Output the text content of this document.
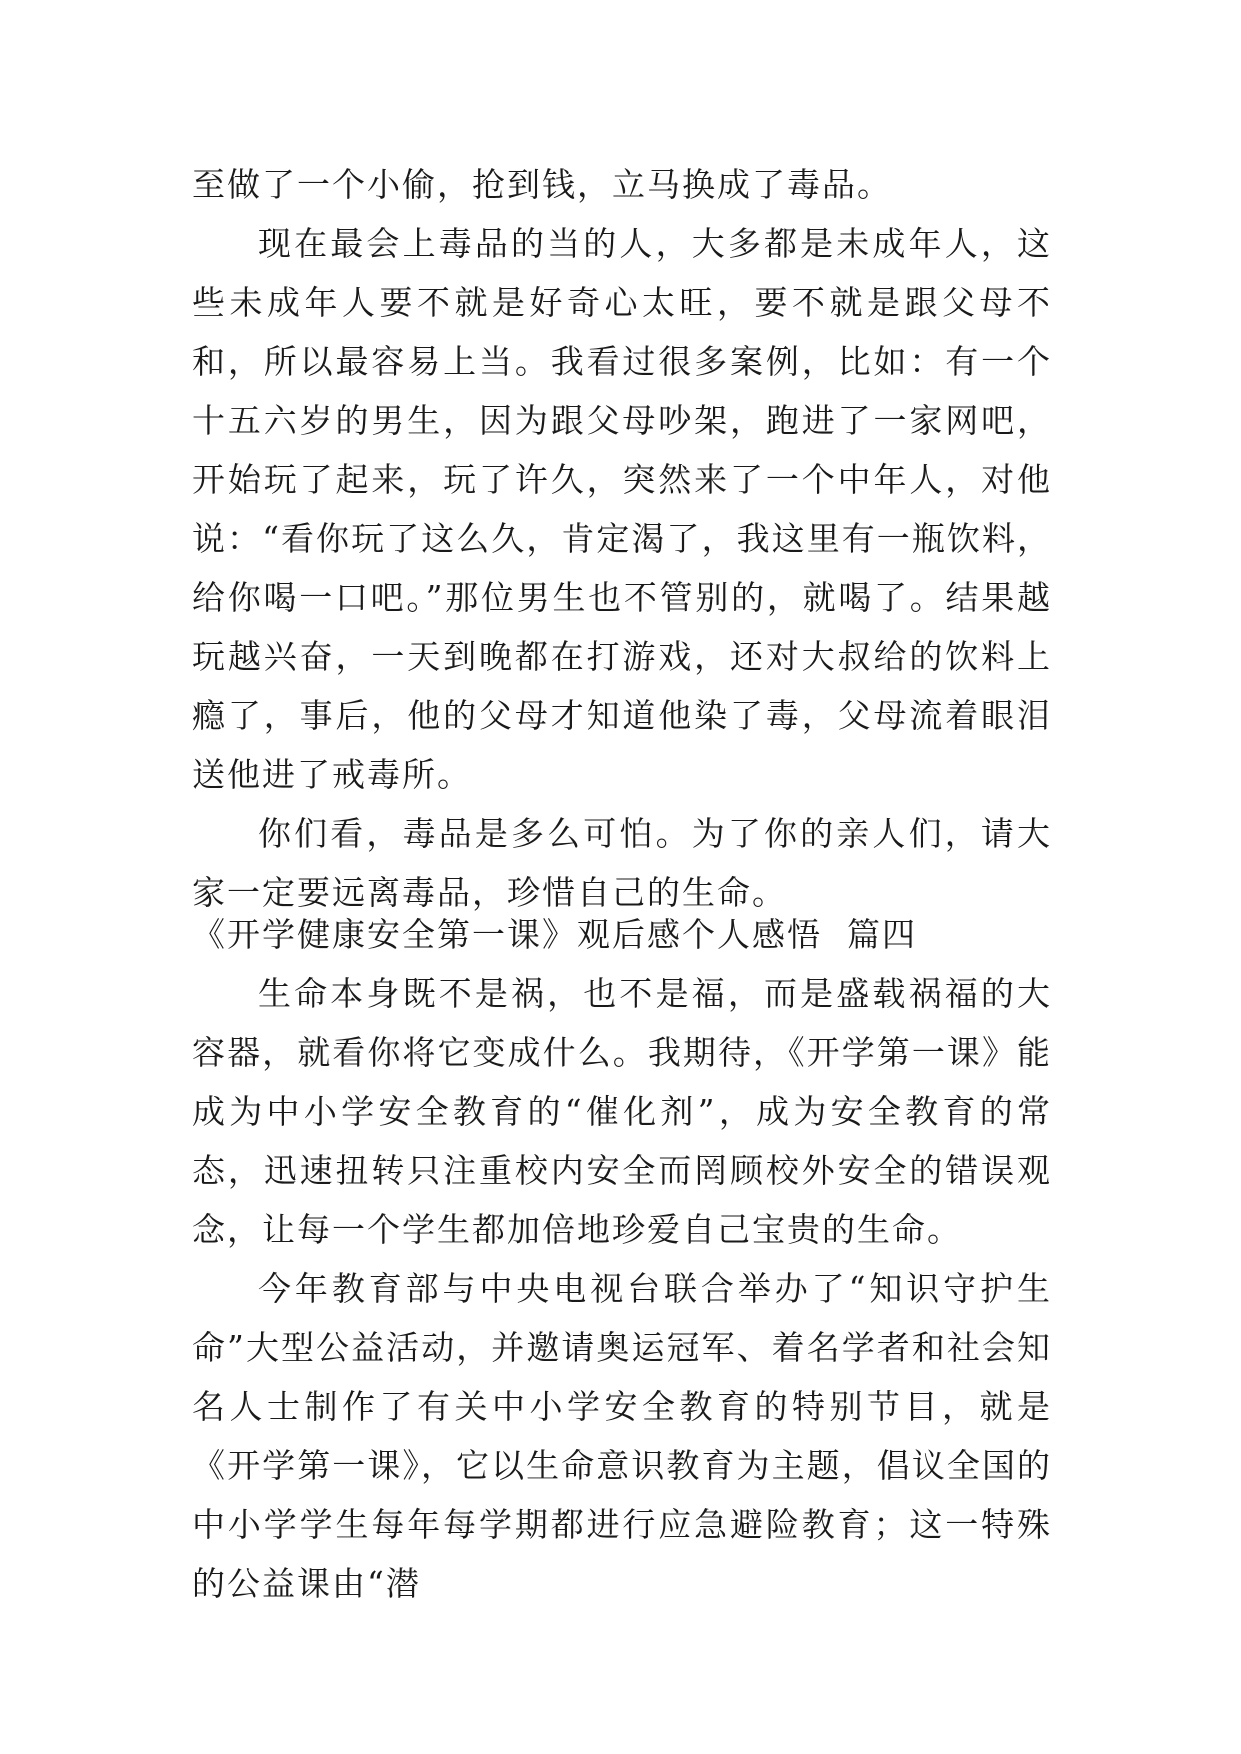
至做了一个小偷，抢到钱，立马换成了毒品。

现在最会上毒品的当的人，大多都是未成年人，这些未成年人要不就是好奇心太旺，要不就是跟父母不和，所以最容易上当。我看过很多案例，比如：有一个十五六岁的男生，因为跟父母吵架，跑进了一家网吧，开始玩了起来，玩了许久，突然来了一个中年人，对他说：“看你玩了这么久，肯定渴了，我这里有一瓶饮料，给你喝一口吧。”那位男生也不管别的，就喝了。结果越玩越兴奋，一天到晚都在打游戏，还对大叔给的饮料上瘾了，事后，他的父母才知道他染了毒，父母流着眼泪送他进了戒毒所。

你们看，毒品是多么可怕。为了你的亲人们，请大家一定要远离毒品，珍惜自己的生命。

《开学健康安全第一课》观后感个人感悟  篇四

生命本身既不是祸，也不是福，而是盛载祸福的大容器，就看你将它变成什么。我期待，《开学第一课》能成为中小学安全教育的“催化剂”，成为安全教育的常态，迅速扭转只注重校内安全而罔顾校外安全的错误观念，让每一个学生都加倍地珍爱自己宝贵的生命。

今年教育部与中央电视台联合举办了“知识守护生命”大型公益活动，并邀请奥运冠军、着名学者和社会知名人士制作了有关中小学安全教育的特别节目，就是《开学第一课》，它以生命意识教育为主题，倡议全国的中小学学生每年每学期都进行应急避险教育；这一特殊的公益课由“潜
